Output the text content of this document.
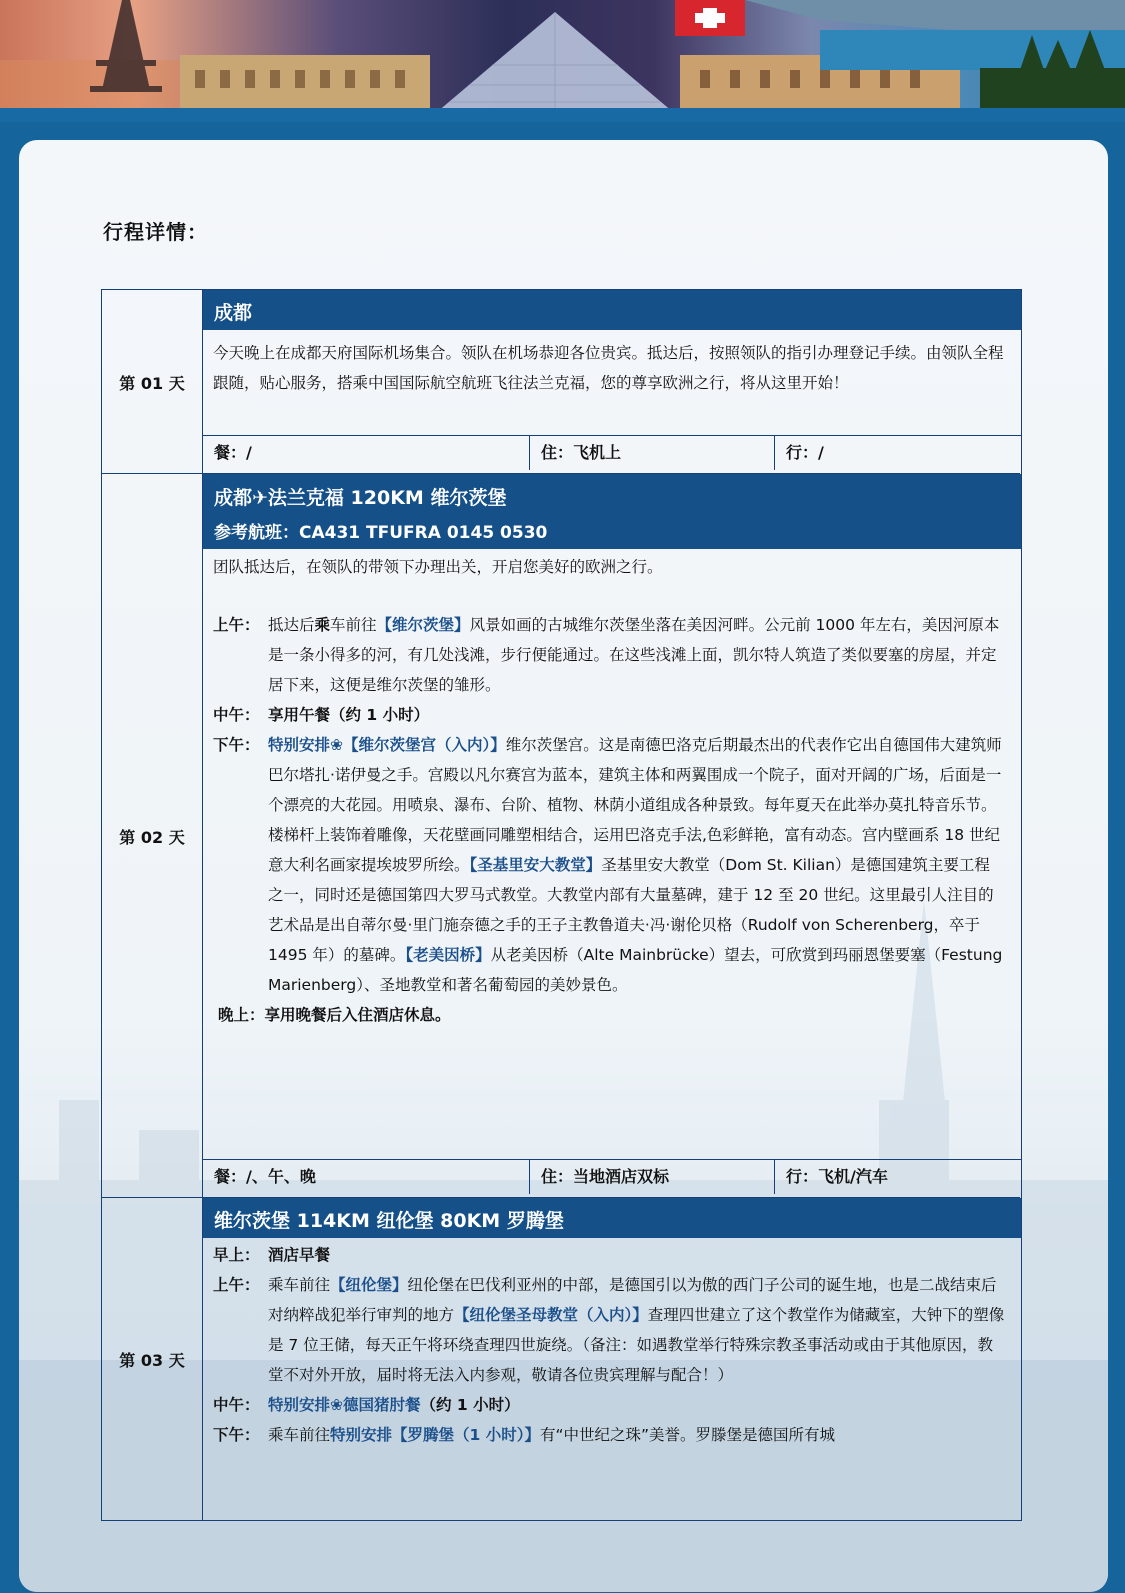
行程详情：
第 01 天
成都

今天晚上在成都天府国际机场集合。领队在机场恭迎各位贵宾。抵达后，按照领队的指引办理登记手续。由领队全程跟随，贴心服务，搭乘中国国际航空航班飞往法兰克福，您的尊享欧洲之行，将从这里开始！

餐：/	住：飞机上	行：/
第 02 天
成都✈法兰克福 120KM 维尔茨堡
参考航班：CA431 TFUFRA 0145 0530

团队抵达后，在领队的带领下办理出关，开启您美好的欧洲之行。

上午： 抵达后乘车前往【维尔茨堡】风景如画的古城维尔茨堡坐落在美因河畔。公元前 1000 年左右，美因河原本是一条小得多的河，有几处浅滩，步行便能通过。在这些浅滩上面，凯尔特人筑造了类似要塞的房屋，并定居下来，这便是维尔茨堡的雏形。
中午： 享用午餐（约 1 小时）
下午： 特别安排❀【维尔茨堡宫（入内）】维尔茨堡宫。这是南德巴洛克后期最杰出的代表作它出自德国伟大建筑师巴尔塔扎·诺伊曼之手。宫殿以凡尔赛宫为蓝本，建筑主体和两翼围成一个院子，面对开阔的广场，后面是一个漂亮的大花园。用喷泉、瀑布、台阶、植物、林荫小道组成各种景致。每年夏天在此举办莫扎特音乐节。楼梯杆上装饰着雕像，天花壁画同雕塑相结合，运用巴洛克手法,色彩鲜艳，富有动态。宫内壁画系 18 世纪意大利名画家提埃坡罗所绘。【圣基里安大教堂】圣基里安大教堂（Dom St. Kilian）是德国建筑主要工程之一，同时还是德国第四大罗马式教堂。大教堂内部有大量墓碑，建于 12 至 20 世纪。这里最引人注目的艺术品是出自蒂尔曼·里门施奈德之手的王子主教鲁道夫·冯·谢伦贝格（Rudolf von Scherenberg，卒于 1495 年）的墓碑。【老美因桥】从老美因桥（Alte Mainbrücke）望去，可欣赏到玛丽恩堡要塞（Festung Marienberg）、圣地教堂和著名葡萄园的美妙景色。

晚上：享用晚餐后入住酒店休息。

餐：/、午、晚	住：当地酒店双标	行：飞机/汽车
第 03 天
维尔茨堡 114KM 纽伦堡 80KM 罗腾堡
早上： 酒店早餐
上午： 乘车前往【纽伦堡】纽伦堡在巴伐利亚州的中部，是德国引以为傲的西门子公司的诞生地，也是二战结束后对纳粹战犯举行审判的地方【纽伦堡圣母教堂（入内）】查理四世建立了这个教堂作为储藏室，大钟下的塑像是 7 位王储，每天正午将环绕查理四世旋绕。（备注：如遇教堂举行特殊宗教圣事活动或由于其他原因，教堂不对外开放，届时将无法入内参观，敬请各位贵宾理解与配合！）
中午： 特别安排❀德国猪肘餐（约 1 小时）
下午： 乘车前往特别安排【罗腾堡（1 小时）】有“中世纪之珠”美誉。罗滕堡是德国所有城
